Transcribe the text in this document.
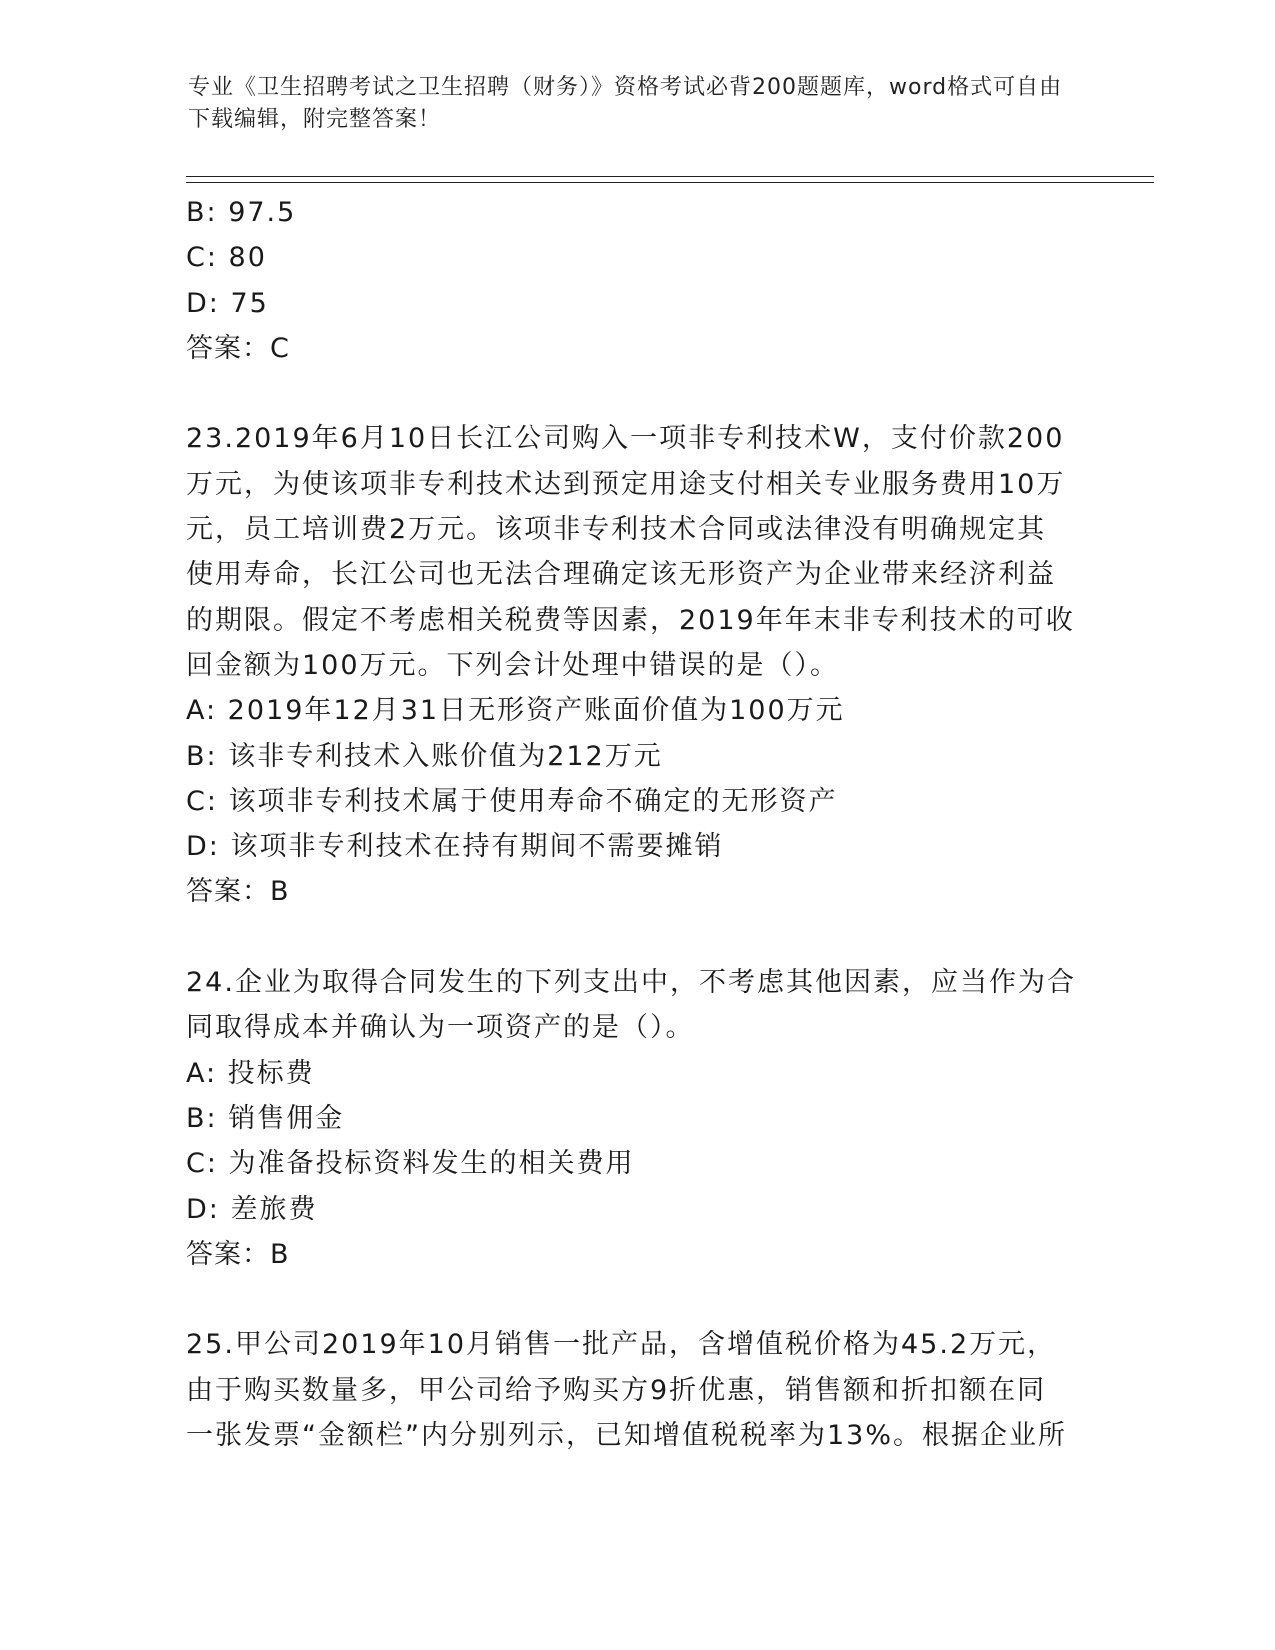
专业《卫生招聘考试之卫生招聘（财务）》资格考试必背200题题库，word格式可自由下载编辑，附完整答案！
B: 97.5
C: 80
D: 75
答案：C
23.2019年6月10日长江公司购入一项非专利技术W，支付价款200
万元，为使该项非专利技术达到预定用途支付相关专业服务费用10万
元，员工培训费2万元。该项非专利技术合同或法律没有明确规定其
使用寿命，长江公司也无法合理确定该无形资产为企业带来经济利益
的期限。假定不考虑相关税费等因素，2019年年末非专利技术的可收
回金额为100万元。下列会计处理中错误的是（）。
A: 2019年12月31日无形资产账面价值为100万元
B: 该非专利技术入账价值为212万元
C: 该项非专利技术属于使用寿命不确定的无形资产
D: 该项非专利技术在持有期间不需要摊销
答案：B
24.企业为取得合同发生的下列支出中，不考虑其他因素，应当作为合
同取得成本并确认为一项资产的是（）。
A: 投标费
B: 销售佣金
C: 为准备投标资料发生的相关费用
D: 差旅费
答案：B
25.甲公司2019年10月销售一批产品，含增值税价格为45.2万元，
由于购买数量多，甲公司给予购买方9折优惠，销售额和折扣额在同
一张发票“金额栏”内分别列示，已知增值税税率为13%。根据企业所
